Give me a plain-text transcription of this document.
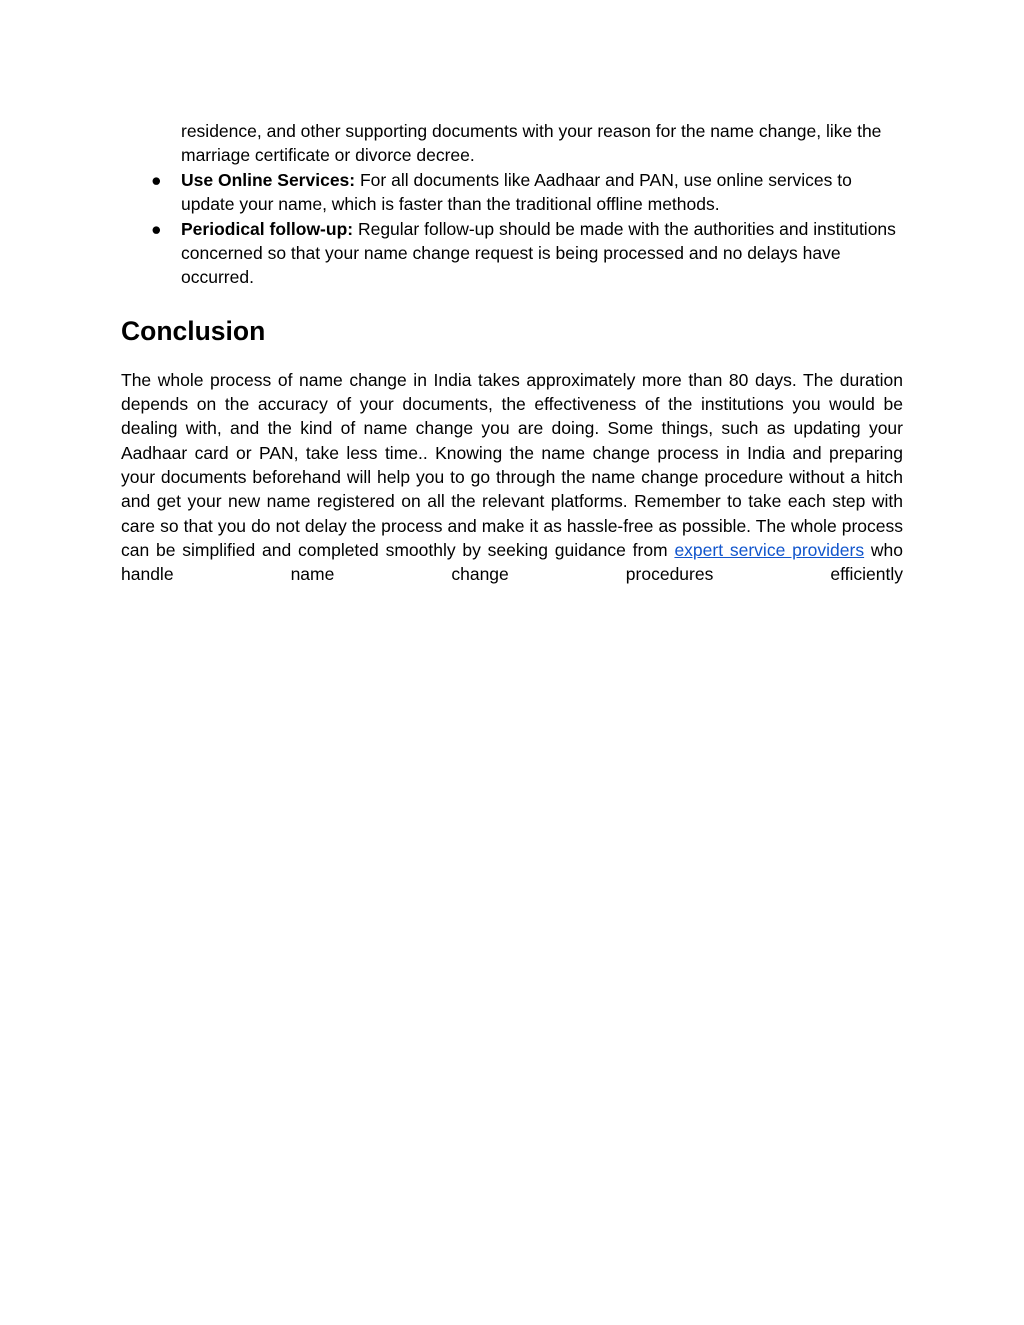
residence, and other supporting documents with your reason for the name change, like the marriage certificate or divorce decree.

● Use Online Services: For all documents like Aadhaar and PAN, use online services to update your name, which is faster than the traditional offline methods.
● Periodical follow-up: Regular follow-up should be made with the authorities and institutions concerned so that your name change request is being processed and no delays have occurred.
Conclusion

The whole process of name change in India takes approximately more than 80 days. The duration depends on the accuracy of your documents, the effectiveness of the institutions you would be dealing with, and the kind of name change you are doing. Some things, such as updating your Aadhaar card or PAN, take less time.. Knowing the name change process in India and preparing your documents beforehand will help you to go through the name change procedure without a hitch and get your new name registered on all the relevant platforms. Remember to take each step with care so that you do not delay the process and make it as hassle-free as possible. The whole process can be simplified and completed smoothly by seeking guidance from expert service providers who handle name change procedures efficiently
